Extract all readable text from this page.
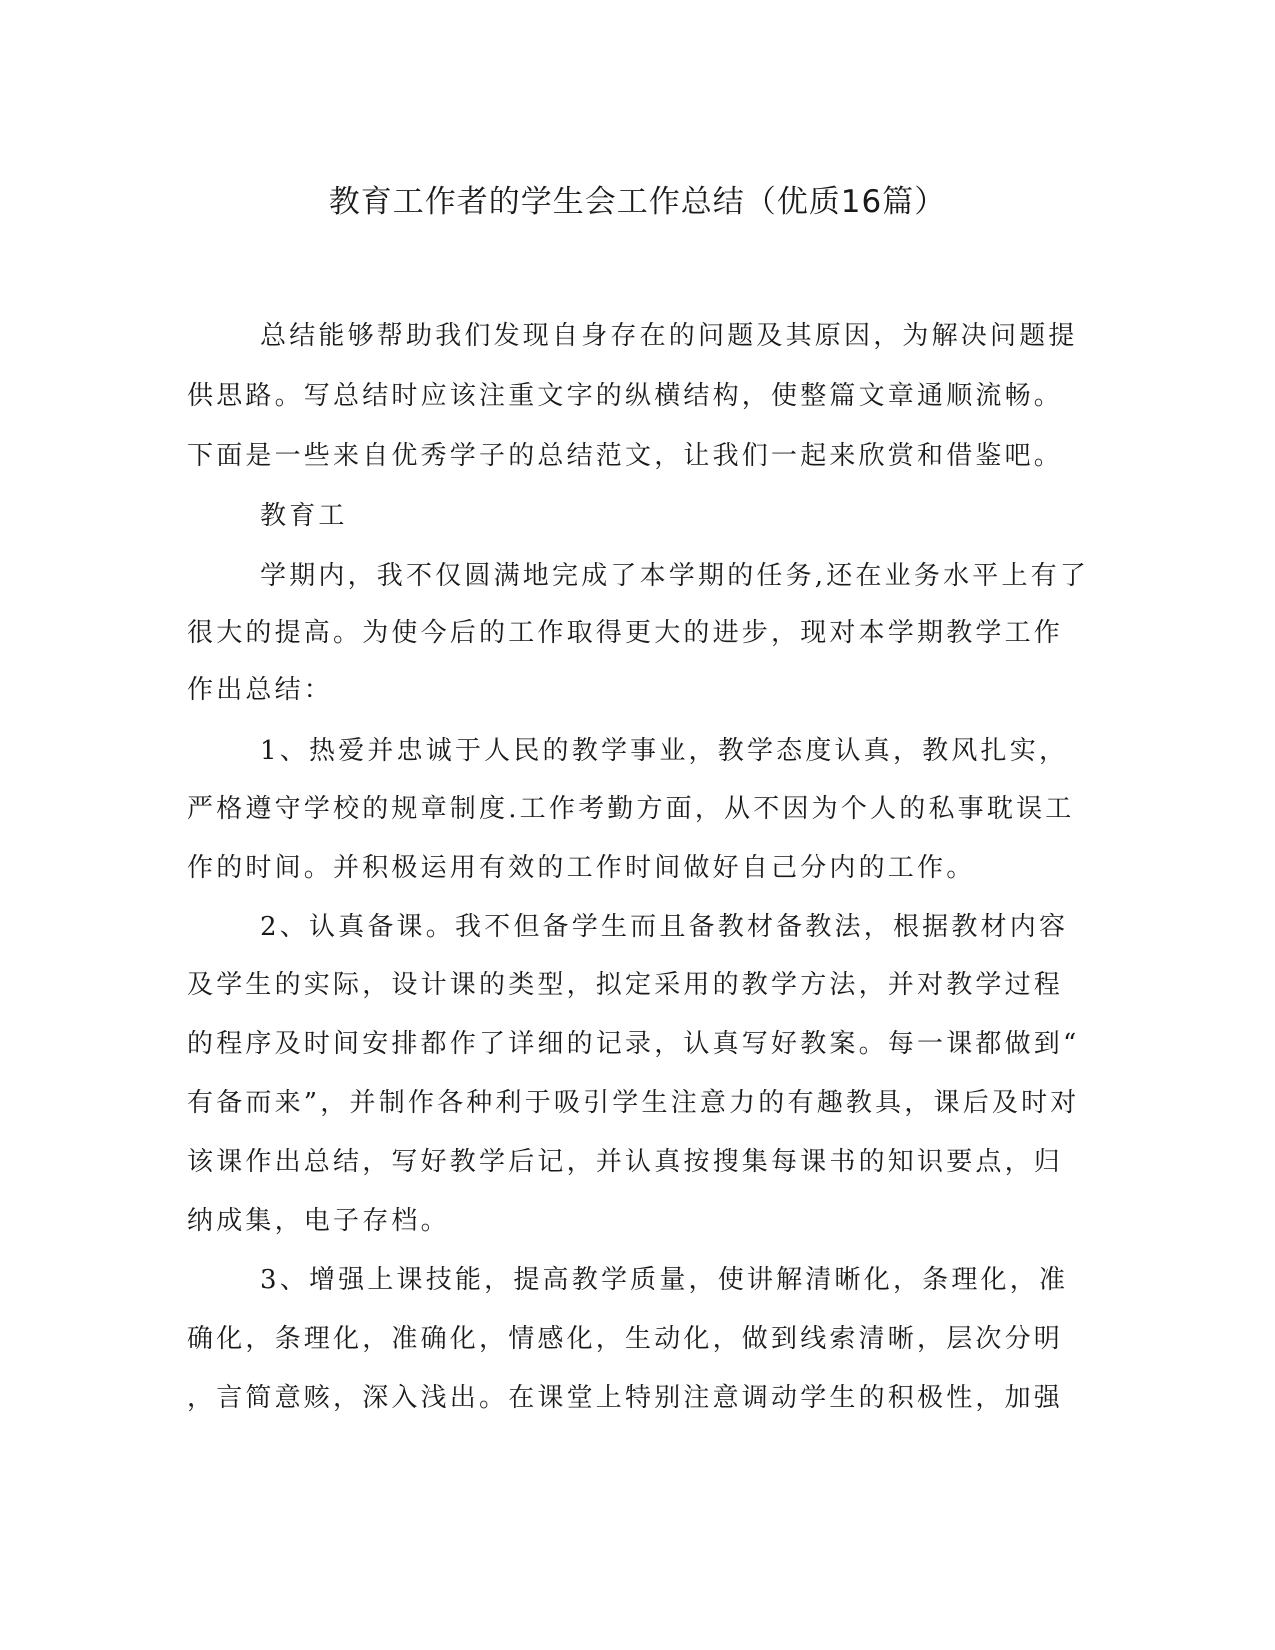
教育工作者的学生会工作总结（优质16篇）
总结能够帮助我们发现自身存在的问题及其原因，为解决问题提
供思路。写总结时应该注重文字的纵横结构，使整篇文章通顺流畅。
下面是一些来自优秀学子的总结范文，让我们一起来欣赏和借鉴吧。
教育工
学期内，我不仅圆满地完成了本学期的任务,还在业务水平上有了
很大的提高。为使今后的工作取得更大的进步，现对本学期教学工作
作出总结：
1、热爱并忠诚于人民的教学事业，教学态度认真，教风扎实，
严格遵守学校的规章制度.工作考勤方面，从不因为个人的私事耽误工
作的时间。并积极运用有效的工作时间做好自己分内的工作。
2、认真备课。我不但备学生而且备教材备教法，根据教材内容
及学生的实际，设计课的类型，拟定采用的教学方法，并对教学过程
的程序及时间安排都作了详细的记录，认真写好教案。每一课都做到“
有备而来”，并制作各种利于吸引学生注意力的有趣教具，课后及时对
该课作出总结，写好教学后记，并认真按搜集每课书的知识要点，归
纳成集，电子存档。
3、增强上课技能，提高教学质量，使讲解清晰化，条理化，准
确化，条理化，准确化，情感化，生动化，做到线索清晰，层次分明
，言简意赅，深入浅出。在课堂上特别注意调动学生的积极性，加强
